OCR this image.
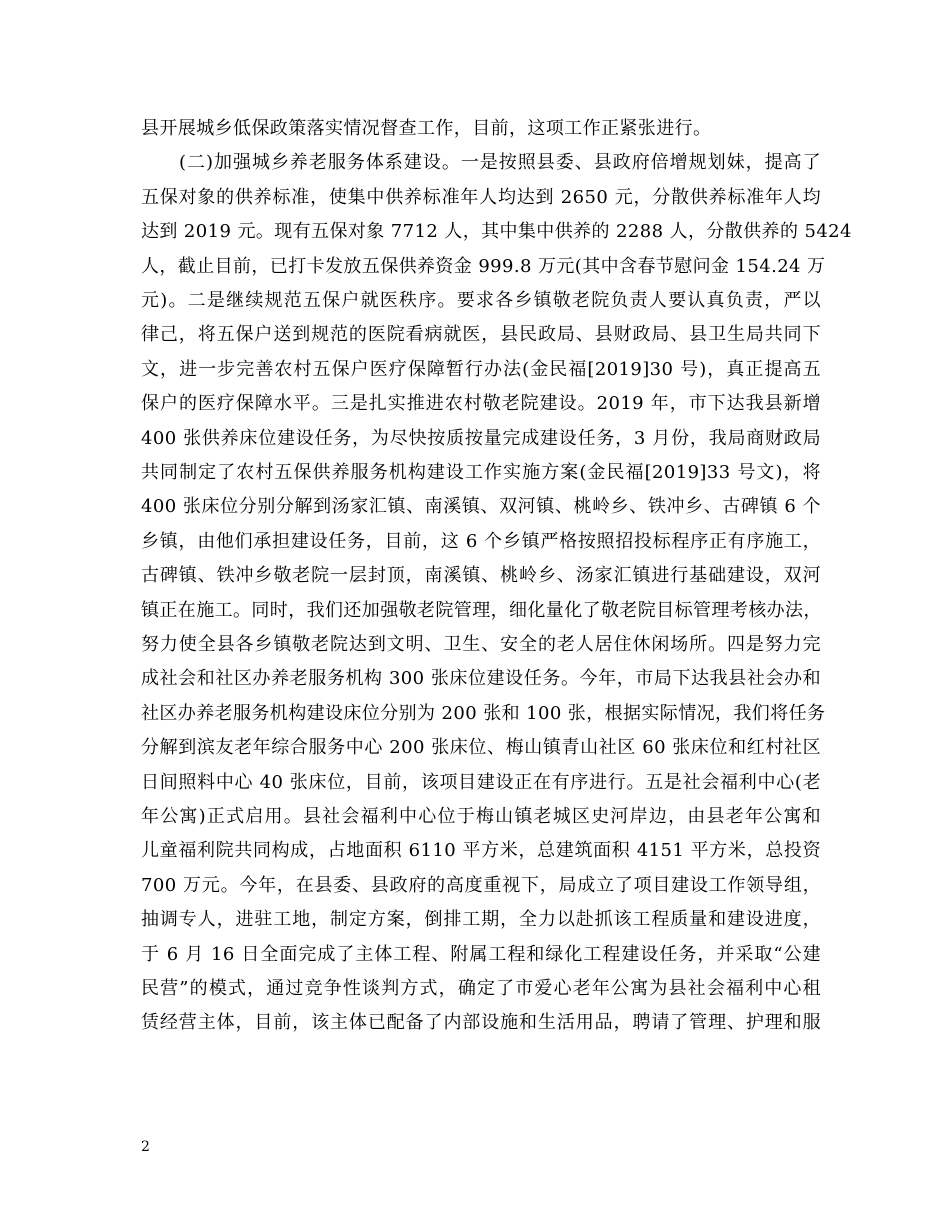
县开展城乡低保政策落实情况督查工作，目前，这项工作正紧张进行。
　　(二)加强城乡养老服务体系建设。一是按照县委、县政府倍增规划妹，提高了
五保对象的供养标准，使集中供养标准年人均达到 2650 元，分散供养标准年人均
达到 2019 元。现有五保对象 7712 人，其中集中供养的 2288 人，分散供养的 5424
人，截止目前，已打卡发放五保供养资金 999.8 万元(其中含春节慰问金 154.24 万
元)。二是继续规范五保户就医秩序。要求各乡镇敬老院负责人要认真负责，严以
律己，将五保户送到规范的医院看病就医，县民政局、县财政局、县卫生局共同下
文，进一步完善农村五保户医疗保障暂行办法(金民福[2019]30 号)，真正提高五
保户的医疗保障水平。三是扎实推进农村敬老院建设。2019 年，市下达我县新增
400 张供养床位建设任务，为尽快按质按量完成建设任务，3 月份，我局商财政局
共同制定了农村五保供养服务机构建设工作实施方案(金民福[2019]33 号文)，将
400 张床位分别分解到汤家汇镇、南溪镇、双河镇、桃岭乡、铁冲乡、古碑镇 6 个
乡镇，由他们承担建设任务，目前，这 6 个乡镇严格按照招投标程序正有序施工，
古碑镇、铁冲乡敬老院一层封顶，南溪镇、桃岭乡、汤家汇镇进行基础建设，双河
镇正在施工。同时，我们还加强敬老院管理，细化量化了敬老院目标管理考核办法，
努力使全县各乡镇敬老院达到文明、卫生、安全的老人居住休闲场所。四是努力完
成社会和社区办养老服务机构 300 张床位建设任务。今年，市局下达我县社会办和
社区办养老服务机构建设床位分别为 200 张和 100 张，根据实际情况，我们将任务
分解到滨友老年综合服务中心 200 张床位、梅山镇青山社区 60 张床位和红村社区
日间照料中心 40 张床位，目前，该项目建设正在有序进行。五是社会福利中心(老
年公寓)正式启用。县社会福利中心位于梅山镇老城区史河岸边，由县老年公寓和
儿童福利院共同构成，占地面积 6110 平方米，总建筑面积 4151 平方米，总投资
700 万元。今年，在县委、县政府的高度重视下，局成立了项目建设工作领导组，
抽调专人，进驻工地，制定方案，倒排工期，全力以赴抓该工程质量和建设进度，
于 6 月 16 日全面完成了主体工程、附属工程和绿化工程建设任务，并采取“公建
民营”的模式，通过竞争性谈判方式，确定了市爱心老年公寓为县社会福利中心租
赁经营主体，目前，该主体已配备了内部设施和生活用品，聘请了管理、护理和服
2
